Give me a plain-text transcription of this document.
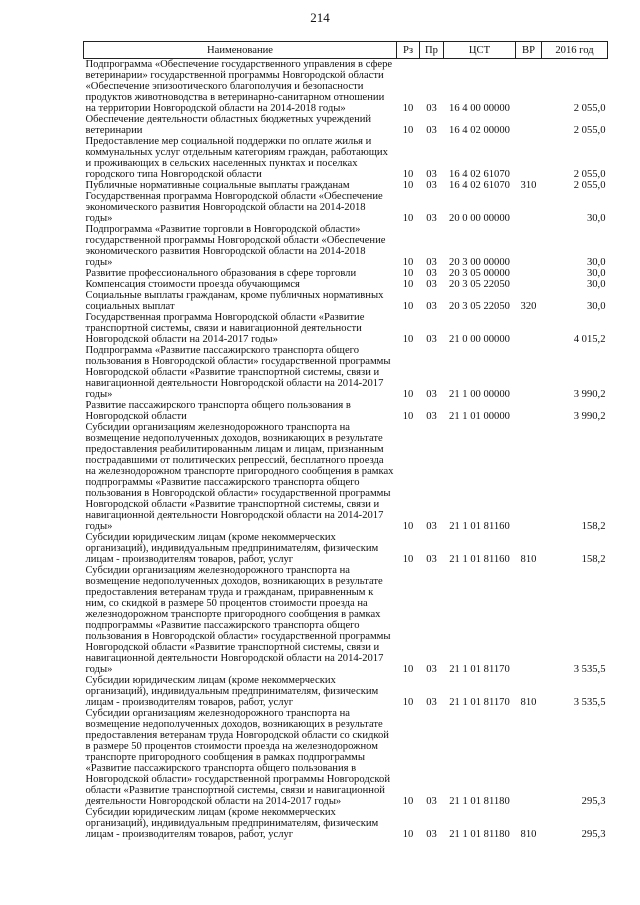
214
Наименование	Рз	Пр	ЦСТ	ВР	2016 год
Подпрограмма «Обеспечение государственного управления в сфере ветеринарии» государственной программы Новгородской области «Обеспечение эпизоотического благополучия и безопасности продуктов животноводства в ветеринарно-санитарном отношении на территории Новгородской области на 2014-2018 годы»	10	03	16 4 00 00000		2 055,0
Обеспечение деятельности областных бюджетных учреждений ветеринарии	10	03	16 4 02 00000		2 055,0
Предоставление мер социальной поддержки по оплате жилья и коммунальных услуг отдельным категориям граждан, работающих и проживающих в сельских населенных пунктах и поселках городского типа Новгородской области	10	03	16 4 02 61070		2 055,0
Публичные нормативные социальные выплаты гражданам	10	03	16 4 02 61070	310	2 055,0
Государственная программа Новгородской области «Обеспечение экономического развития Новгородской области на 2014-2018 годы»	10	03	20 0 00 00000		30,0
Подпрограмма «Развитие торговли в Новгородской области» государственной программы Новгородской области «Обеспечение экономического развития Новгородской области на 2014-2018 годы»	10	03	20 3 00 00000		30,0
Развитие профессионального образования в сфере торговли	10	03	20 3 05 00000		30,0
Компенсация стоимости проезда обучающимся	10	03	20 3 05 22050		30,0
Социальные выплаты гражданам, кроме публичных нормативных социальных выплат	10	03	20 3 05 22050	320	30,0
Государственная программа Новгородской области «Развитие транспортной системы, связи и навигационной деятельности Новгородской области на 2014-2017 годы»	10	03	21 0 00 00000		4 015,2
Подпрограмма «Развитие пассажирского транспорта общего пользования в Новгородской области» государственной программы Новгородской области «Развитие транспортной системы, связи и навигационной деятельности Новгородской области на 2014-2017 годы»	10	03	21 1 00 00000		3 990,2
Развитие пассажирского транспорта общего пользования в Новгородской области	10	03	21 1 01 00000		3 990,2
Субсидии организациям железнодорожного транспорта на возмещение недополученных доходов, возникающих в результате предоставления реабилитированным лицам и лицам, признанным пострадавшими от политических репрессий, бесплатного проезда на железнодорожном транспорте пригородного сообщения в рамках подпрограммы «Развитие пассажирского транспорта общего пользования в Новгородской области» государственной программы Новгородской области «Развитие транспортной системы, связи и навигационной деятельности Новгородской области на 2014-2017 годы»	10	03	21 1 01 81160		158,2
Субсидии юридическим лицам (кроме некоммерческих организаций), индивидуальным предпринимателям, физическим лицам - производителям товаров, работ, услуг	10	03	21 1 01 81160	810	158,2
Субсидии организациям железнодорожного транспорта на возмещение недополученных доходов, возникающих в результате предоставления ветеранам труда и гражданам, приравненным к ним, со скидкой в размере 50 процентов стоимости проезда на железнодорожном транспорте пригородного сообщения в рамках подпрограммы «Развитие пассажирского транспорта общего пользования в Новгородской области» государственной программы Новгородской области «Развитие транспортной системы, связи и навигационной деятельности Новгородской области на 2014-2017 годы»	10	03	21 1 01 81170		3 535,5
Субсидии юридическим лицам (кроме некоммерческих организаций), индивидуальным предпринимателям, физическим лицам - производителям товаров, работ, услуг	10	03	21 1 01 81170	810	3 535,5
Субсидии организациям железнодорожного транспорта на возмещение недополученных доходов, возникающих в результате предоставления ветеранам труда Новгородской области со скидкой в размере 50 процентов стоимости проезда на железнодорожном транспорте пригородного сообщения в рамках подпрограммы «Развитие пассажирского транспорта общего пользования в Новгородской области» государственной программы Новгородской области «Развитие транспортной системы, связи и навигационной деятельности Новгородской области на 2014-2017 годы»	10	03	21 1 01 81180		295,3
Субсидии юридическим лицам (кроме некоммерческих организаций), индивидуальным предпринимателям, физическим лицам - производителям товаров, работ, услуг	10	03	21 1 01 81180	810	295,3
